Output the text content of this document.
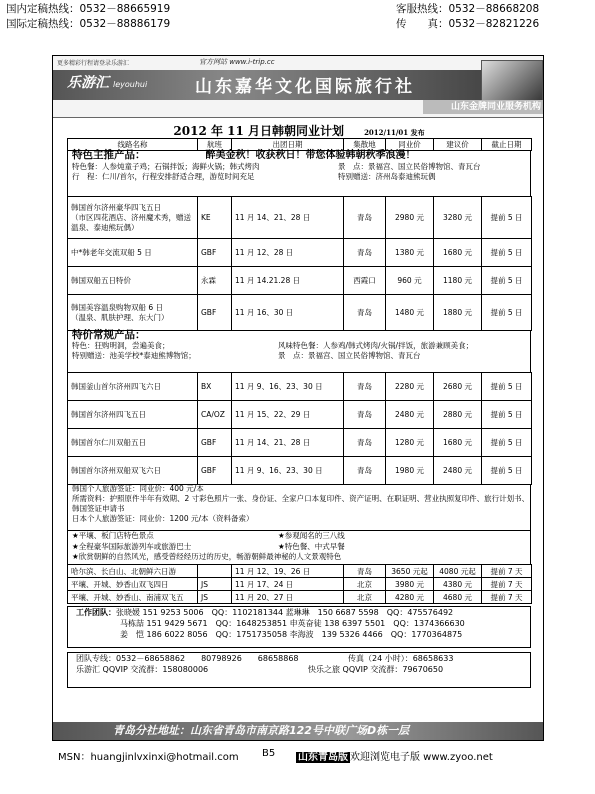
国内定稿热线：0532－88665919
国际定稿热线：0532－88886179
客服热线：0532－88668208
传　　真：0532－82821226
更多精彩行程请登录乐游汇	官方网站 www.i-trip.cc
乐游汇 leyouhui	山东嘉华文化国际旅行社
山东金牌同业服务机构
2012 年 11 月日韩朝同业计划	2012/11/01 发布
线路名称	航班	出团日期	集散地	同业价	建议价	截止日期
特色主推产品：	醉美金秋！收获秋日！带您体验韩朝秋季浪漫！
特色餐：人参炖童子鸡；石锅拌饭；海鲜火锅；韩式烤肉	景　点：景福宫、国立民俗博物馆、青瓦台
行　程：仁川/首尔，行程安排舒适合理，游览时间充足	特别赠送：济州岛泰迪熊玩偶
韩国首尔济州豪华四飞五日
（市区四花酒店、济州魔术秀，赠送温泉、泰迪熊玩偶）	KE	11 月 14、21、28 日	青岛	2980 元	3280 元	提前 5 日
中*韩老年交流双船 5 日	GBF	11 月 12、28 日	青岛	1380 元	1680 元	提前 5 日
韩国双船五日特价	永霖	11 月 14.21.28 日	西霞口	960 元	1180 元	提前 5 日
韩国美容温泉购物双船 6 日
（温泉、肌肤护理、东大门）	GBF	11 月 16、30 日	青岛	1480 元	1880 元	提前 5 日
特价常规产品：
特色：狂购明洞，尝遍美食；	风味特色餐：人参鸡/韩式烤肉/火锅/拌饭，旅游兼顾美食；
特别赠送：池美学校*泰迪熊博物馆；	景　点：景福宫、国立民俗博物馆、青瓦台
韩国釜山首尔济州四飞六日	BX	11 月 9、16、23、30 日	青岛	2280 元	2680 元	提前 5 日
韩国首尔济州四飞五日	CA/OZ	11 月 15、22、29 日	青岛	2480 元	2880 元	提前 5 日
韩国首尔仁川双船五日	GBF	11 月 14、21、28 日	青岛	1280 元	1680 元	提前 5 日
韩国首尔济州双船双飞六日	GBF	11 月 9、16、23、30 日	青岛	1980 元	2480 元	提前 5 日
韩国个人旅游签证：同业价：400 元/本
所需资料：护照原件半年有效期、2 寸彩色照片一张、身份证、全家户口本复印件、资产证明、在职证明、营业执照复印件、旅行计划书、韩国签证申请书
日本个人旅游签证：同业价：1200 元/本（资料备索）
★平壤、板门店特色景点	★参观闻名的三八线
★全程豪华国际旅游列车或旅游巴士	★特色餐、中式早餐
★欣赏朝鲜的自然风光，感受曾经经历过的历史，畅游朝鲜最神秘的人文景观特色
哈尔滨、长白山、北朝鲜六日游		11 月 12、19、26 日	青岛	3650 元起	4080 元起	提前 7 天
平壤、开城、妙香山双飞四日	JS	11 月 17、24 日	北京	3980 元	4380 元	提前 7 天
平壤、开城、妙香山、南浦双飞五	JS	11 月 20、27 日	北京	4280 元	4680 元	提前 7 天
工作团队：张晓媛 151 9253 5006　QQ：1102181344 蓝琳琳　150 6687 5598　QQ：475576492
马栋喆 151 9429 5671　QQ：1648253851 申英奋徒 138 6397 5501　QQ：1374366630
姜　恺 186 6022 8056　QQ：1751735058 李海波　139 5326 4466　QQ：1770364875
团队专线：0532－68658862　　80798926　　68658868	传真（24 小时）：68658633
乐游汇 QQVIP 交流群：158080006	快乐之旅 QQVIP 交流群：79670650
青岛分社地址：山东省青岛市南京路122号中联广场D栋一层
MSN：huangjinlvxinxi@hotmail.com B5 山东青岛版 欢迎浏览电子版 www.zyoo.net
